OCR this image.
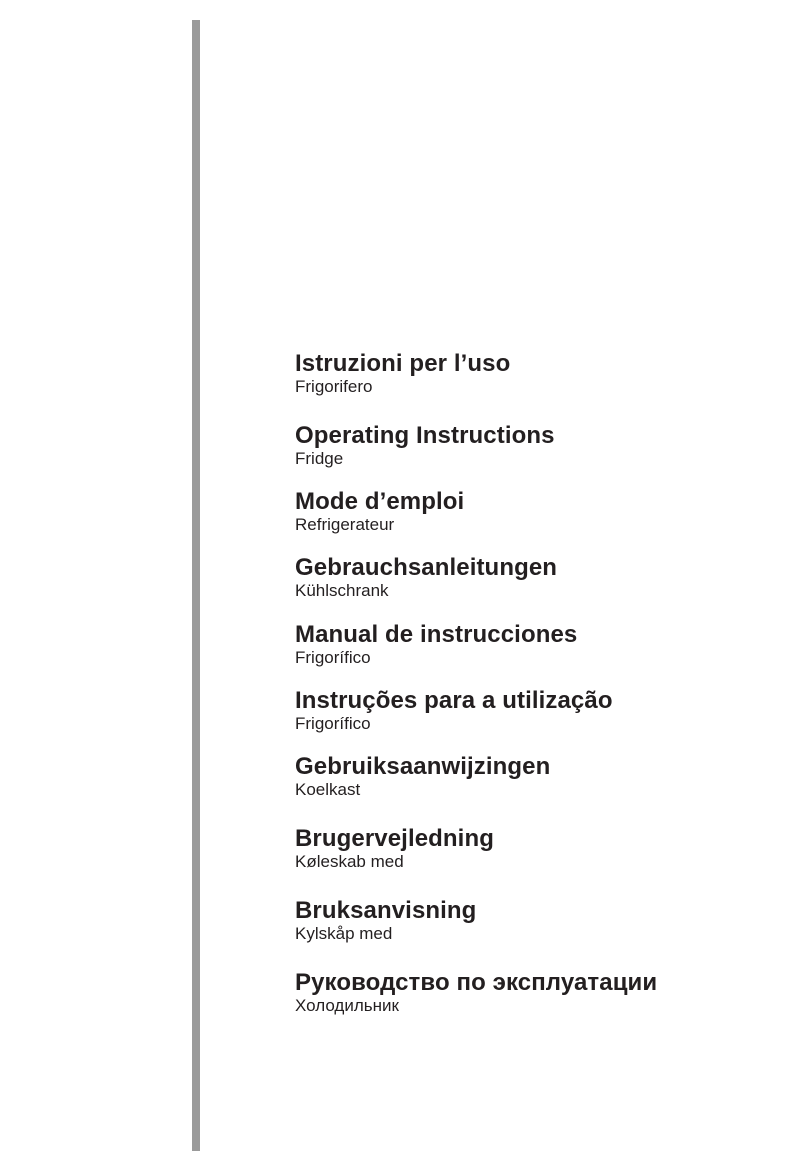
Istruzioni per l’uso
Frigorifero
Operating Instructions
Fridge
Mode d’emploi
Refrigerateur
Gebrauchsanleitungen
Kühlschrank
Manual de instrucciones
Frigorífico
Instruções para a utilização
Frigorífico
Gebruiksaanwijzingen
Koelkast
Brugervejledning
Køleskab med
Bruksanvisning
Kylskåp med
Руководство по эксплуатации
Холодильник
